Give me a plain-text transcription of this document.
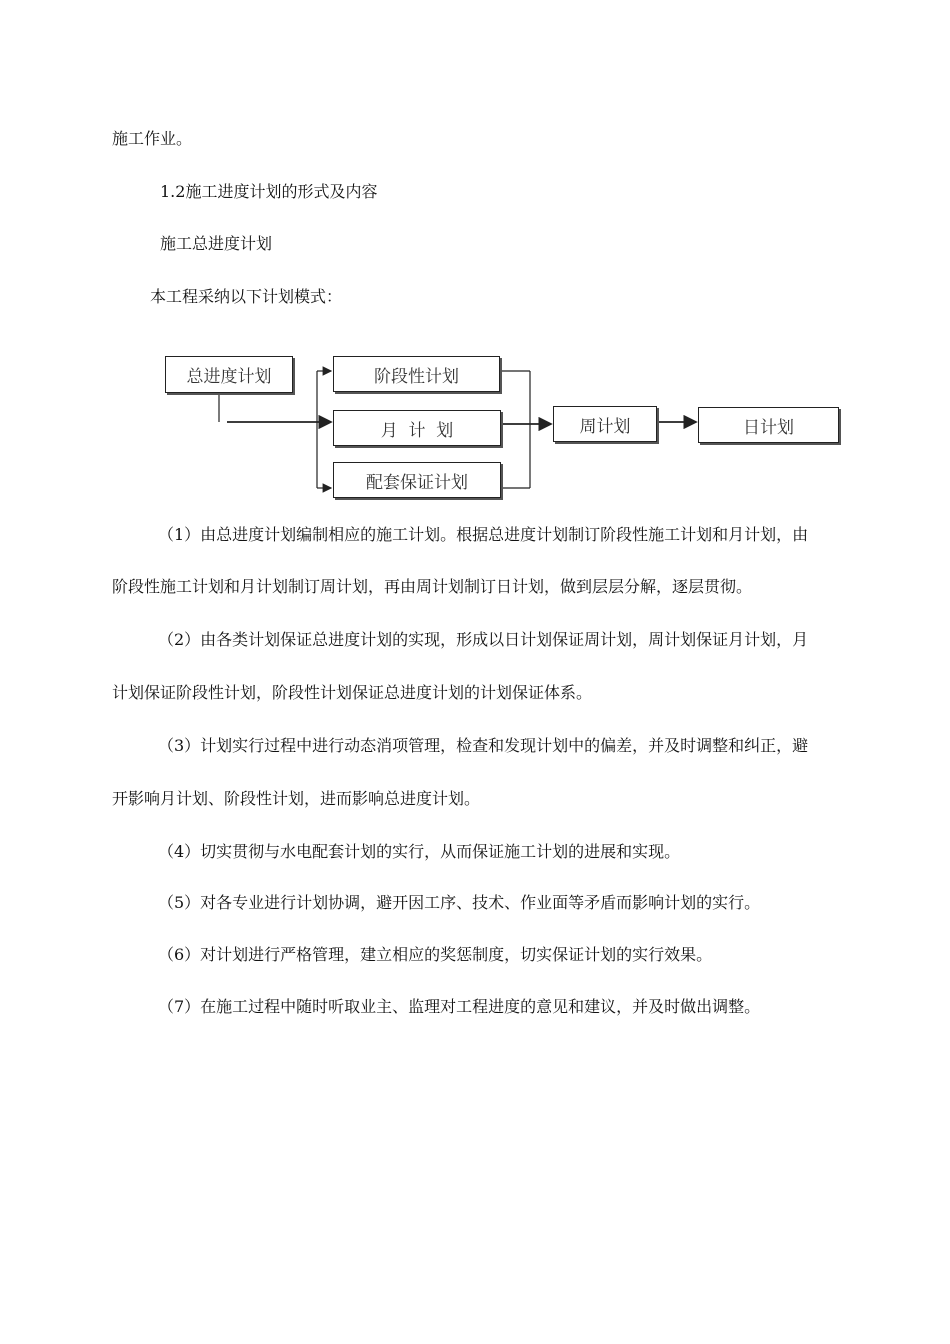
施工作业。
1.2施工进度计划的形式及内容
施工总进度计划
本工程采纳以下计划模式：
总进度计划	阶段性计划
月  计  划
配套保证计划
周计划	日计划
（1）由总进度计划编制相应的施工计划。根据总进度计划制订阶段性施工计划和月计划，由
阶段性施工计划和月计划制订周计划，再由周计划制订日计划，做到层层分解，逐层贯彻。
（2）由各类计划保证总进度计划的实现，形成以日计划保证周计划，周计划保证月计划，月
计划保证阶段性计划，阶段性计划保证总进度计划的计划保证体系。
（3）计划实行过程中进行动态消项管理，检查和发现计划中的偏差，并及时调整和纠正，避
开影响月计划、阶段性计划，进而影响总进度计划。
（4）切实贯彻与水电配套计划的实行，从而保证施工计划的进展和实现。
（5）对各专业进行计划协调，避开因工序、技术、作业面等矛盾而影响计划的实行。
（6）对计划进行严格管理，建立相应的奖惩制度，切实保证计划的实行效果。
（7）在施工过程中随时听取业主、监理对工程进度的意见和建议，并及时做出调整。
